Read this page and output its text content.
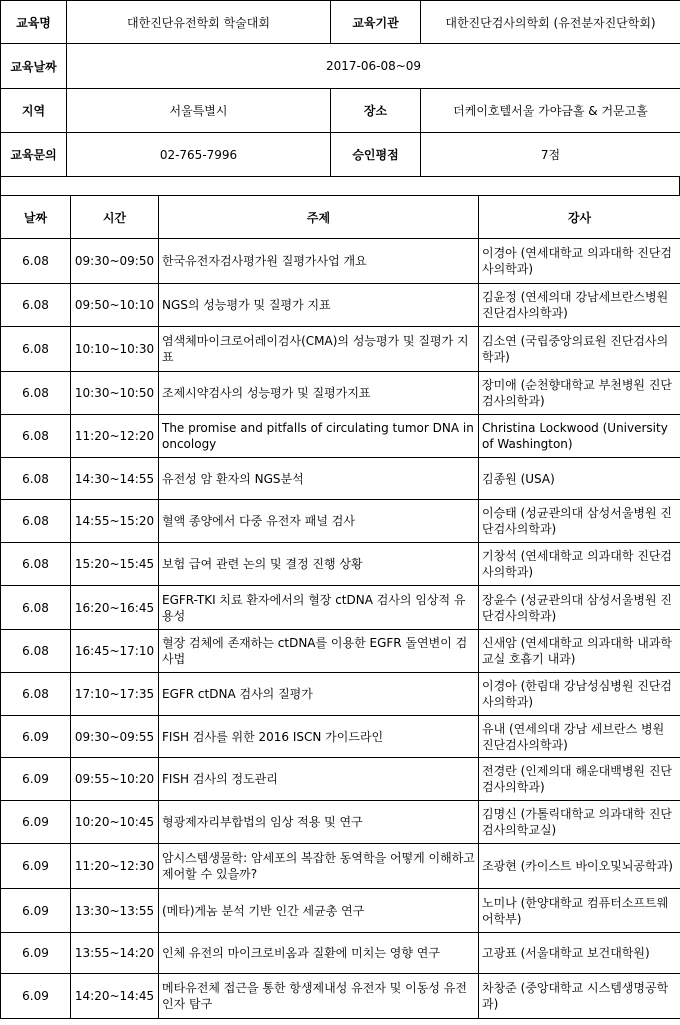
교육명	대한진단유전학회 학술대회	교육기관	대한진단검사의학회 (유전분자진단학회)
교육날짜	2017-06-08~09		
지역	서울특별시	장소	더케이호텔서울 가야금홀 & 거문고홀
교육문의	02-765-7996	승인평점	7점
날짜	시간	주제	강사
6.08	09:30~09:50	한국유전자검사평가원 질평가사업 개요	이경아 (연세대학교 의과대학 진단검사의학과)
6.08	09:50~10:10	NGS의 성능평가 및 질평가 지표	김윤정 (연세의대 강남세브란스병원 진단검사의학과)
6.08	10:10~10:30	염색체마이크로어레이검사(CMA)의 성능평가 및 질평가 지표	김소연 (국립중앙의료원 진단검사의학과)
6.08	10:30~10:50	조제시약검사의 성능평가 및 질평가지표	장미애 (순천향대학교 부천병원 진단검사의학과)
6.08	11:20~12:20	The promise and pitfalls of circulating tumor DNA in oncology	Christina Lockwood (University of Washington)
6.08	14:30~14:55	유전성 암 환자의 NGS분석	김종원 (USA)
6.08	14:55~15:20	혈액 종양에서 다중 유전자 패널 검사	이승태 (성균관의대 삼성서울병원 진단검사의학과)
6.08	15:20~15:45	보험 급여 관련 논의 및 결정 진행 상황	기창석 (연세대학교 의과대학 진단검사의학과)
6.08	16:20~16:45	EGFR-TKI 치료 환자에서의 혈장 ctDNA 검사의 임상적 유용성	장윤수 (성균관의대 삼성서울병원 진단검사의학과)
6.08	16:45~17:10	혈장 검체에 존재하는 ctDNA를 이용한 EGFR 돌연변이 검사법	신새암 (연세대학교 의과대학 내과학 교실 호흡기 내과)
6.08	17:10~17:35	EGFR ctDNA 검사의 질평가	이경아 (한림대 강남성심병원 진단검사의학과)
6.09	09:30~09:55	FISH 검사를 위한 2016 ISCN 가이드라인	유내 (연세의대 강남 세브란스 병원 진단검사의학과)
6.09	09:55~10:20	FISH 검사의 정도관리	전경란 (인제의대 해운대백병원 진단검사의학과)
6.09	10:20~10:45	형광제자리부합법의 임상 적용 및 연구	김명신 (가톨릭대학교 의과대학 진단검사의학교실)
6.09	11:20~12:30	암시스템생물학: 암세포의 복잡한 동역학을 어떻게 이해하고 제어할 수 있을까?	조광현 (카이스트 바이오및뇌공학과)
6.09	13:30~13:55	(메타)게놈 분석 기반 인간 세균총 연구	노미나 (한양대학교 컴퓨터소프트웨어학부)
6.09	13:55~14:20	인체 유전의 마이크로비옴과 질환에 미치는 영향 연구	고광표 (서울대학교 보건대학원)
6.09	14:20~14:45	메타유전체 접근을 통한 항생제내성 유전자 및 이동성 유전인자 탐구	차창준 (중앙대학교 시스템생명공학과)
